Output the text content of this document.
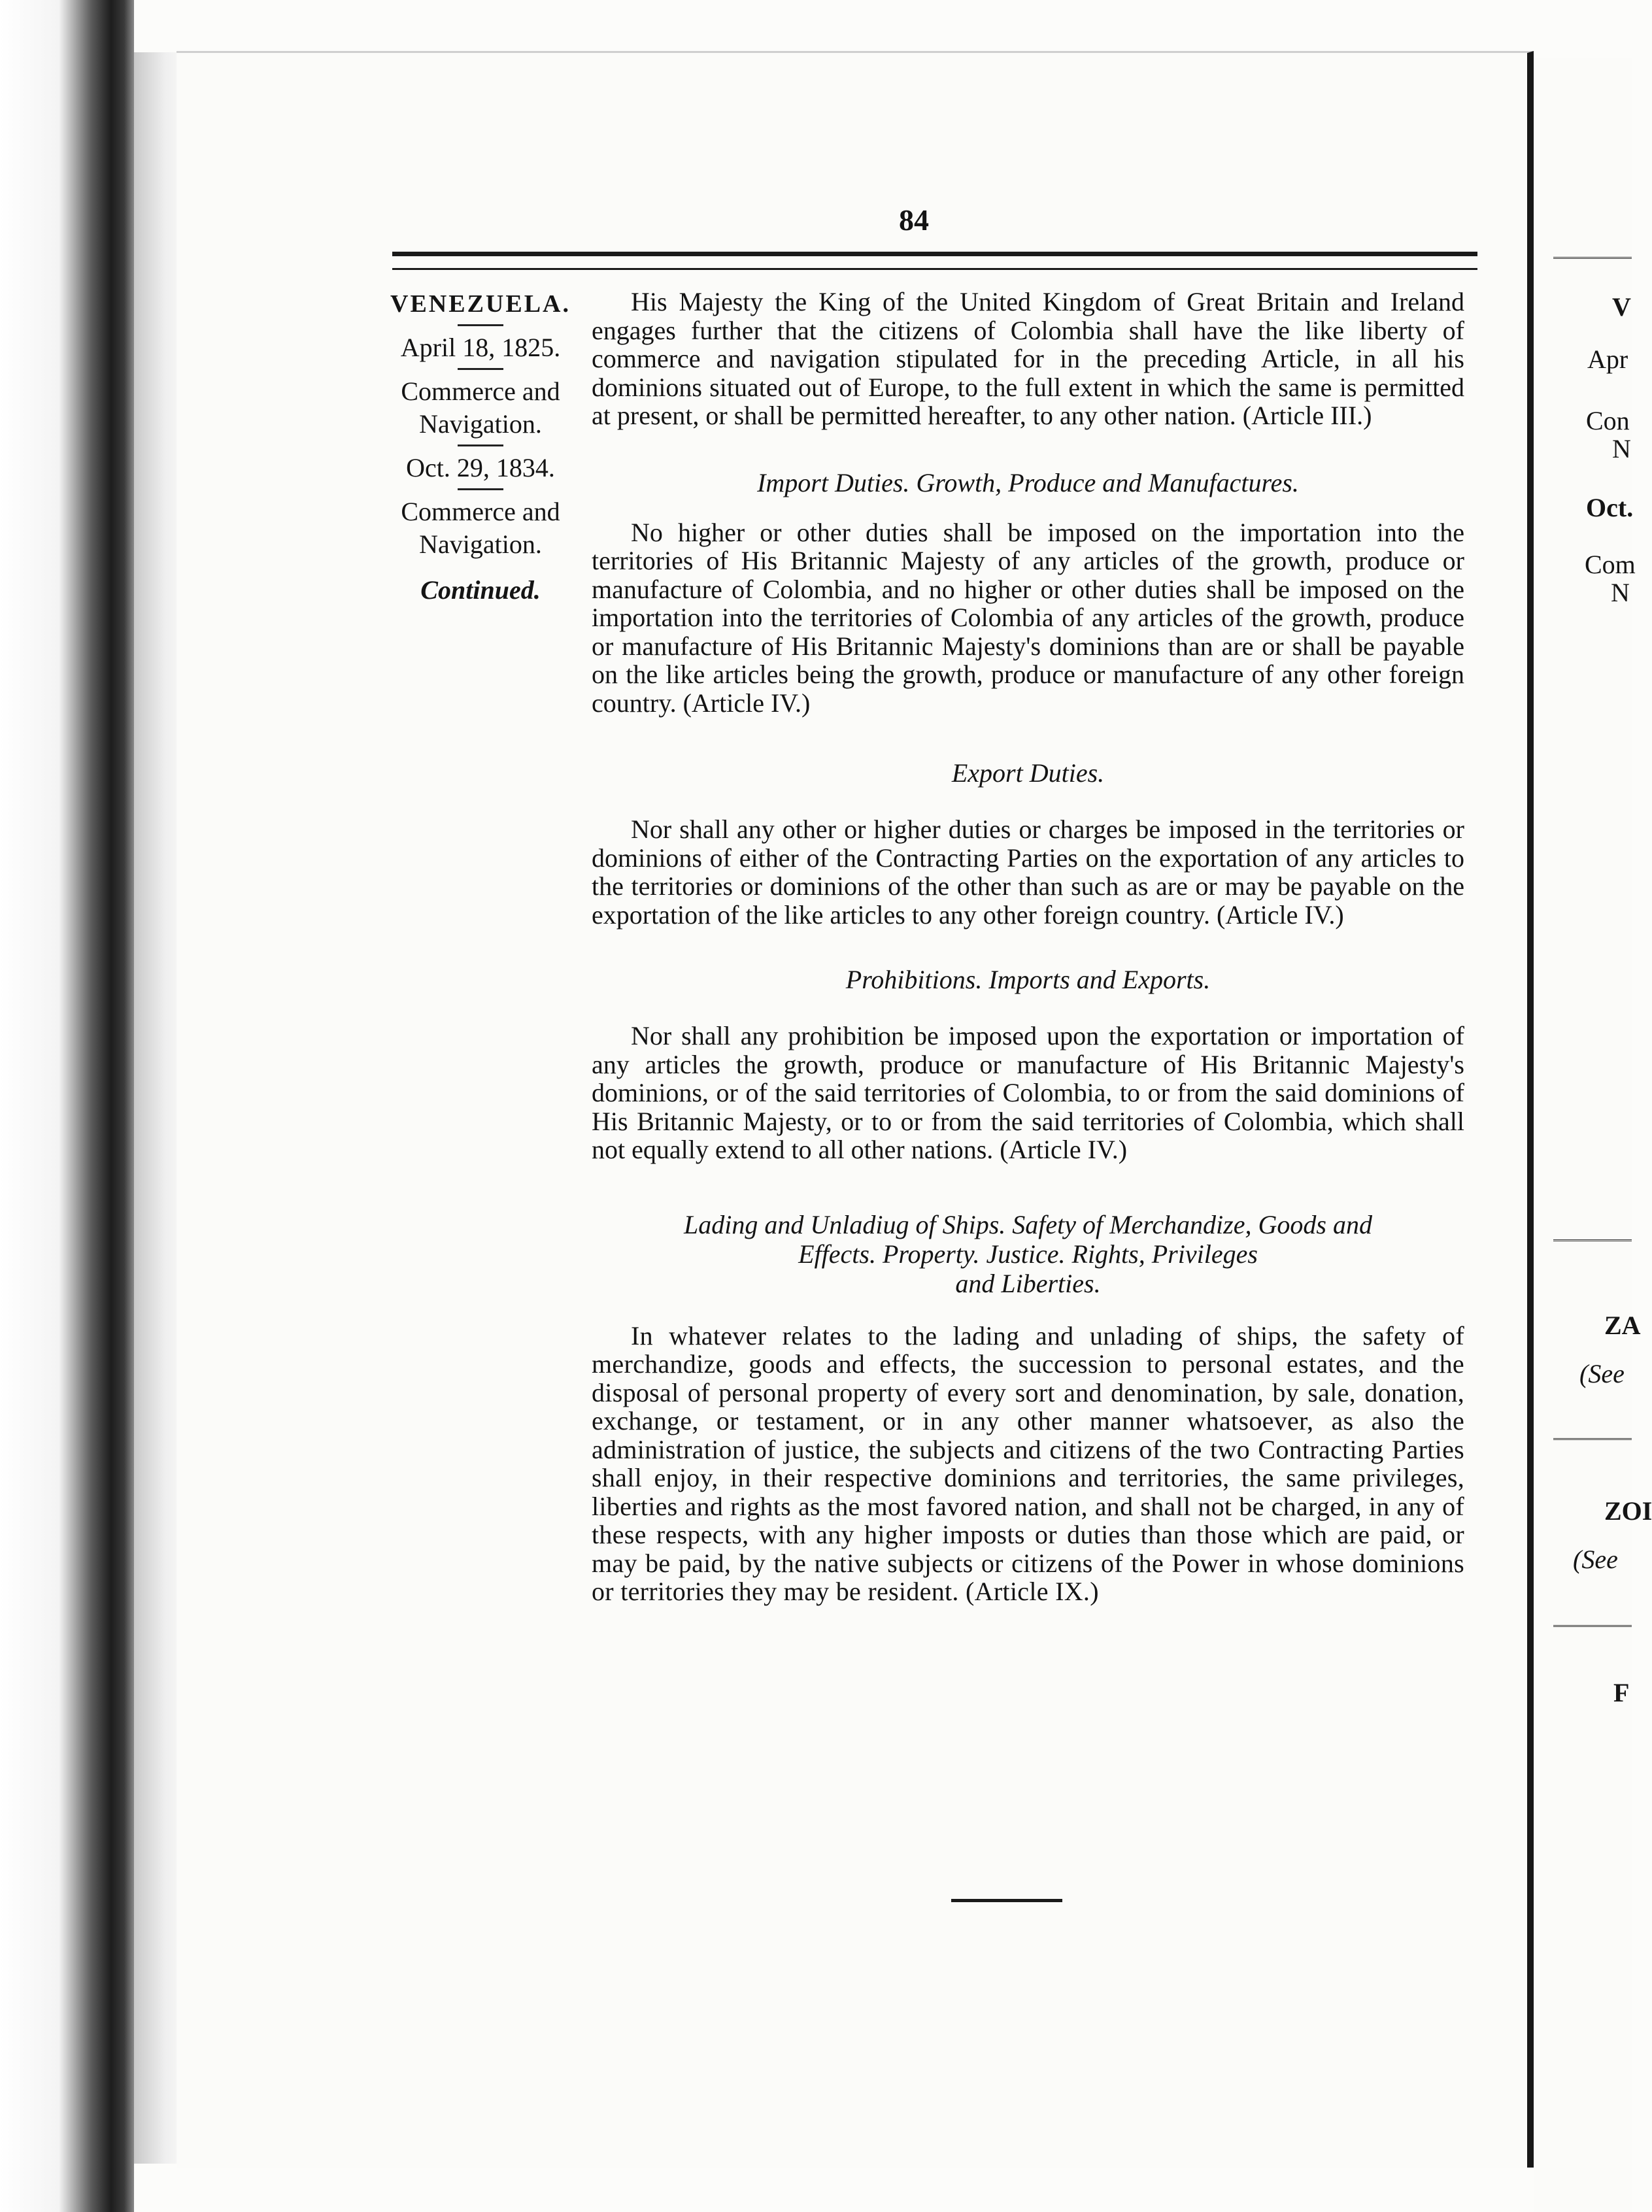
84
VENEZUELA.
April 18, 1825.
Commerce and Navigation.
Oct. 29, 1834.
Commerce and Navigation.
Continued.

His Majesty the King of the United Kingdom of Great Britain and Ireland engages further that the citizens of Colombia shall have the like liberty of commerce and navigation stipulated for in the preceding Article, in all his dominions situated out of Europe, to the full extent in which the same is permitted at present, or shall be permitted hereafter, to any other nation. (Article III.)

Import Duties. Growth, Produce and Manufactures.

No higher or other duties shall be imposed on the importation into the territories of His Britannic Majesty of any articles of the growth, produce or manufacture of Colombia, and no higher or other duties shall be imposed on the importation into the territories of Colombia of any articles of the growth, produce or manufacture of His Britannic Majesty's dominions than are or shall be payable on the like articles being the growth, produce or manufacture of any other foreign country. (Article IV.)

Export Duties.

Nor shall any other or higher duties or charges be imposed in the territories or dominions of either of the Contracting Parties on the exportation of any articles to the territories or dominions of the other than such as are or may be payable on the exportation of the like articles to any other foreign country. (Article IV.)

Prohibitions. Imports and Exports.

Nor shall any prohibition be imposed upon the exportation or importation of any articles the growth, produce or manufacture of His Britannic Majesty's dominions, or of the said territories of Colombia, to or from the said dominions of His Britannic Majesty, or to or from the said territories of Colombia, which shall not equally extend to all other nations. (Article IV.)

Lading and Unladiug of Ships. Safety of Merchandize, Goods and
Effects. Property. Justice. Rights, Privileges
and Liberties.

In whatever relates to the lading and unlading of ships, the safety of merchandize, goods and effects, the succession to personal estates, and the disposal of personal property of every sort and denomination, by sale, donation, exchange, or testament, or in any other manner whatsoever, as also the administration of justice, the subjects and citizens of the two Contracting Parties shall enjoy, in their respective dominions and territories, the same privileges, liberties and rights as the most favored nation, and shall not be charged, in any of these respects, with any higher imposts or duties than those which are paid, or may be paid, by the native subjects or citizens of the Power in whose dominions or territories they may be resident. (Article IX.)

V
Apr
Con
N
Oct.
Com
N
ZA
(See
ZOI
(See
F
